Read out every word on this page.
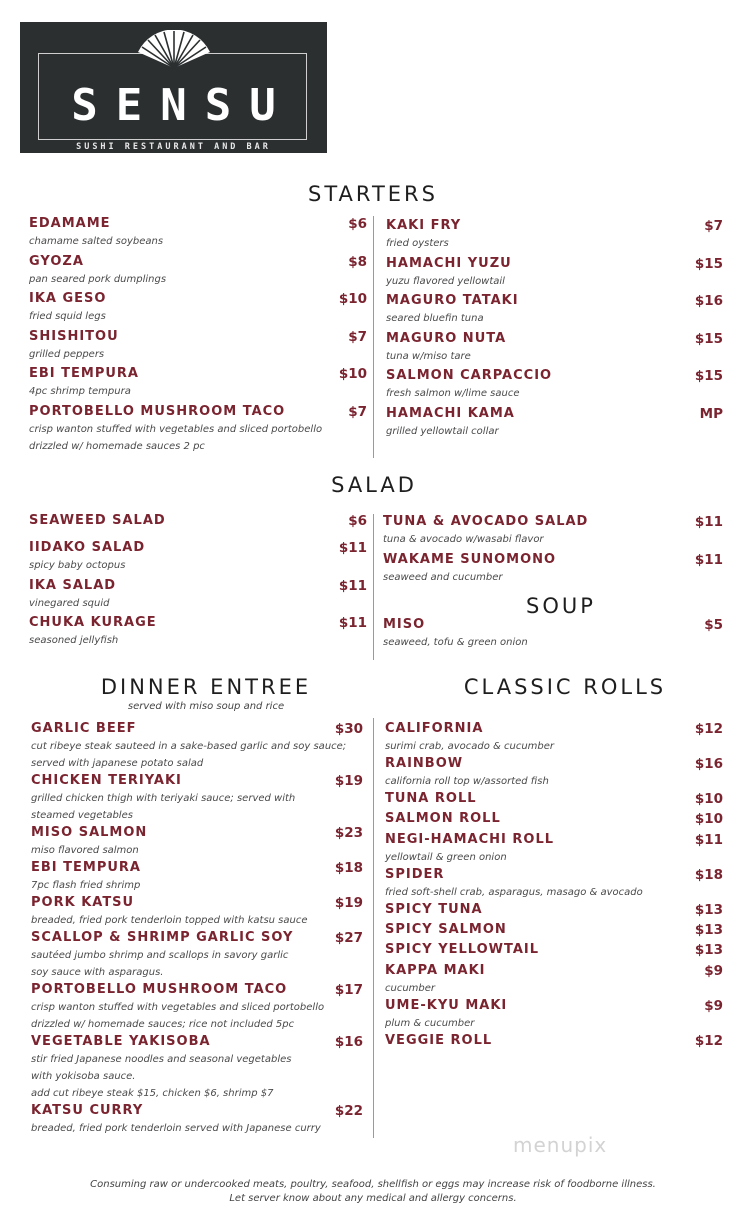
SENSU
SUSHI RESTAURANT AND BAR
STARTERS
EDAMAME	$6
chamame salted soybeans
GYOZA	$8
pan seared pork dumplings
IKA GESO	$10
fried squid legs
SHISHITOU	$7
grilled peppers
EBI TEMPURA	$10
4pc shrimp tempura
PORTOBELLO MUSHROOM TACO	$7
crisp wanton stuffed with vegetables and sliced portobello
drizzled w/ homemade sauces 2 pc
KAKI FRY	$7
fried oysters
HAMACHI YUZU	$15
yuzu flavored yellowtail
MAGURO TATAKI	$16
seared bluefin tuna
MAGURO NUTA	$15
tuna w/miso tare
SALMON CARPACCIO	$15
fresh salmon w/lime sauce
HAMACHI KAMA	MP
grilled yellowtail collar
SALAD
SEAWEED SALAD	$6
IIDAKO SALAD	$11
spicy baby octopus
IKA SALAD	$11
vinegared squid
CHUKA KURAGE	$11
seasoned jellyfish
TUNA & AVOCADO SALAD	$11
tuna & avocado w/wasabi flavor
WAKAME SUNOMONO	$11
seaweed and cucumber
SOUP
MISO	$5
seaweed, tofu & green onion
DINNER ENTREE
served with miso soup and rice
GARLIC BEEF	$30
cut ribeye steak sauteed in a sake-based garlic and soy sauce;
served with japanese potato salad
CHICKEN TERIYAKI	$19
grilled chicken thigh with teriyaki sauce; served with
steamed vegetables
MISO SALMON	$23
miso flavored salmon
EBI TEMPURA	$18
7pc flash fried shrimp
PORK KATSU	$19
breaded, fried pork tenderloin topped with katsu sauce
SCALLOP & SHRIMP GARLIC SOY	$27
sautéed jumbo shrimp and scallops in savory garlic
soy sauce with asparagus.
PORTOBELLO MUSHROOM TACO	$17
crisp wanton stuffed with vegetables and sliced portobello
drizzled w/ homemade sauces; rice not included 5pc
VEGETABLE YAKISOBA	$16
stir fried Japanese noodles and seasonal vegetables
with yokisoba sauce.
add cut ribeye steak $15, chicken $6, shrimp $7
KATSU CURRY	$22
breaded, fried pork tenderloin served with Japanese curry
CLASSIC ROLLS
CALIFORNIA	$12
surimi crab, avocado & cucumber
RAINBOW	$16
california roll top w/assorted fish
TUNA ROLL	$10
SALMON ROLL	$10
NEGI-HAMACHI ROLL	$11
yellowtail & green onion
SPIDER	$18
fried soft-shell crab, asparagus, masago & avocado
SPICY TUNA	$13
SPICY SALMON	$13
SPICY YELLOWTAIL	$13
KAPPA MAKI	$9
cucumber
UME-KYU MAKI	$9
plum & cucumber
VEGGIE ROLL	$12
menupix
Consuming raw or undercooked meats, poultry, seafood, shellfish or eggs may increase risk of foodborne illness.
Let server know about any medical and allergy concerns.
